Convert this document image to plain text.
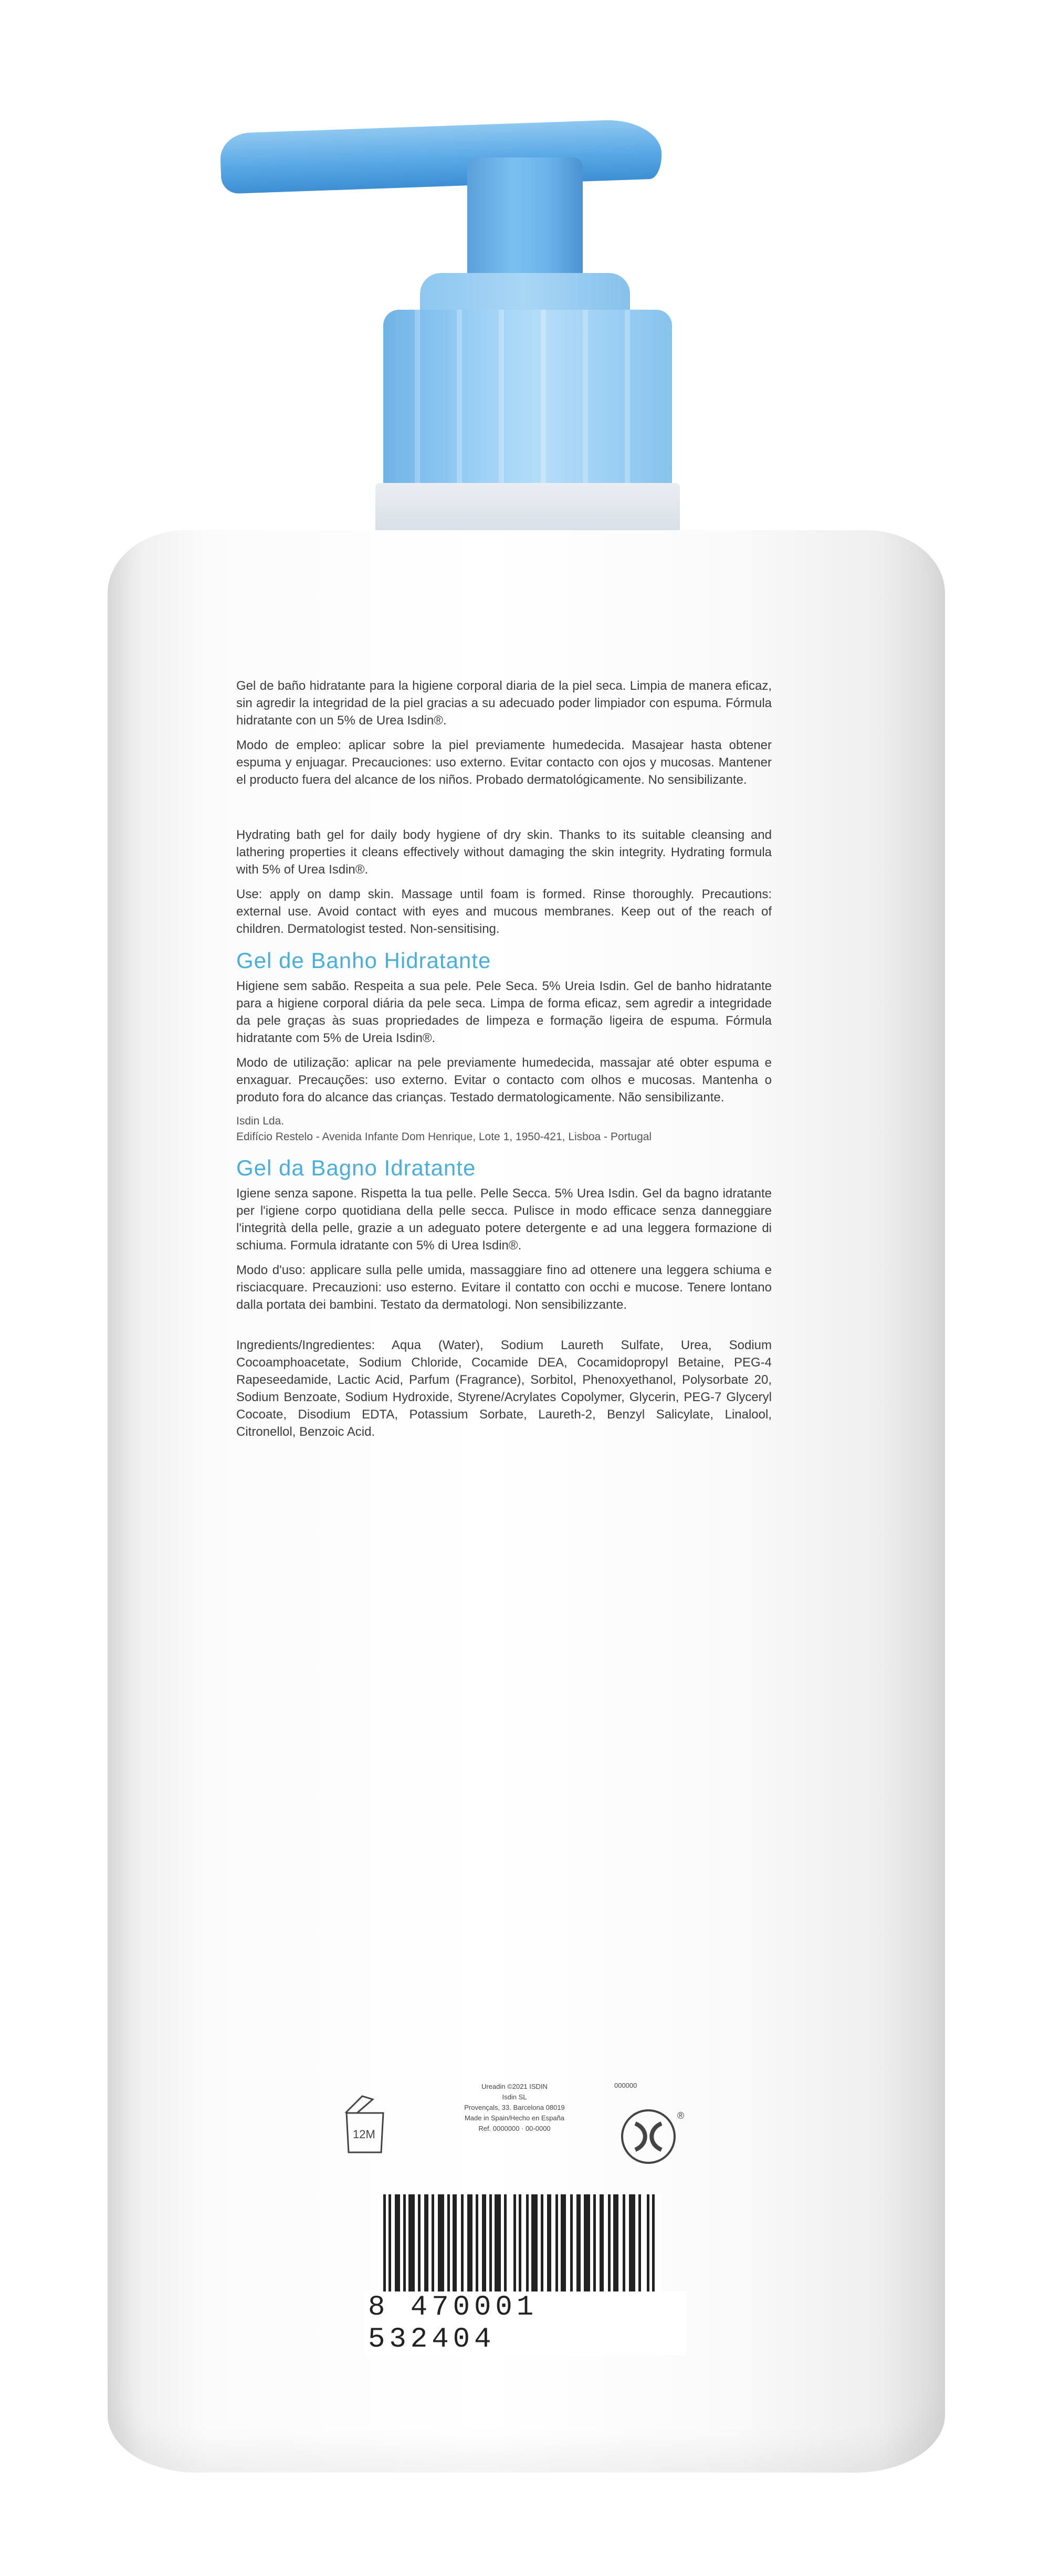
Gel de baño hidratante para la higiene corporal diaria de la piel seca. Limpia de manera eficaz, sin agredir la integridad de la piel gracias a su adecuado poder limpiador con espuma. Fórmula hidratante con un 5% de Urea Isdin®.

Modo de empleo: aplicar sobre la piel previamente humedecida. Masajear hasta obtener espuma y enjuagar. Precauciones: uso externo. Evitar contacto con ojos y mucosas. Mantener el producto fuera del alcance de los niños. Probado dermatológicamente. No sensibilizante.

Hydrating bath gel for daily body hygiene of dry skin. Thanks to its suitable cleansing and lathering properties it cleans effectively without damaging the skin integrity. Hydrating formula with 5% of Urea Isdin®.

Use: apply on damp skin. Massage until foam is formed. Rinse thoroughly. Precautions: external use. Avoid contact with eyes and mucous membranes. Keep out of the reach of children. Dermatologist tested. Non-sensitising.

Gel de Banho Hidratante

Higiene sem sabão. Respeita a sua pele. Pele Seca. 5% Ureia Isdin. Gel de banho hidratante para a higiene corporal diária da pele seca. Limpa de forma eficaz, sem agredir a integridade da pele graças às suas propriedades de limpeza e formação ligeira de espuma. Fórmula hidratante com 5% de Ureia Isdin®.

Modo de utilização: aplicar na pele previamente humedecida, massajar até obter espuma e enxaguar. Precauções: uso externo. Evitar o contacto com olhos e mucosas. Mantenha o produto fora do alcance das crianças. Testado dermatologicamente. Não sensibilizante.

Isdin Lda.

Edifício Restelo - Avenida Infante Dom Henrique, Lote 1, 1950-421, Lisboa - Portugal

Gel da Bagno Idratante

Igiene senza sapone. Rispetta la tua pelle. Pelle Secca. 5% Urea Isdin. Gel da bagno idratante per l'igiene corpo quotidiana della pelle secca. Pulisce in modo efficace senza danneggiare l'integrità della pelle, grazie a un adeguato potere detergente e ad una leggera formazione di schiuma. Formula idratante con 5% di Urea Isdin®.

Modo d'uso: applicare sulla pelle umida, massaggiare fino ad ottenere una leggera schiuma e risciacquare. Precauzioni: uso esterno. Evitare il contatto con occhi e mucose. Tenere lontano dalla portata dei bambini. Testato da dermatologi. Non sensibilizzante.

Ingredients/Ingredientes: Aqua (Water), Sodium Laureth Sulfate, Urea, Sodium Cocoamphoacetate, Sodium Chloride, Cocamide DEA, Cocamidopropyl Betaine, PEG-4 Rapeseedamide, Lactic Acid, Parfum (Fragrance), Sorbitol, Phenoxyethanol, Polysorbate 20, Sodium Benzoate, Sodium Hydroxide, Styrene/Acrylates Copolymer, Glycerin, PEG-7 Glyceryl Cocoate, Disodium EDTA, Potassium Sorbate, Laureth-2, Benzyl Salicylate, Linalool, Citronellol, Benzoic Acid.

12M

Ureadin ©2021 ISDIN

Isdin SL

Provençals, 33. Barcelona 08019

Made in Spain/Hecho en España

Ref. 0000000 · 00-0000

000000
®
8 470001 532404
